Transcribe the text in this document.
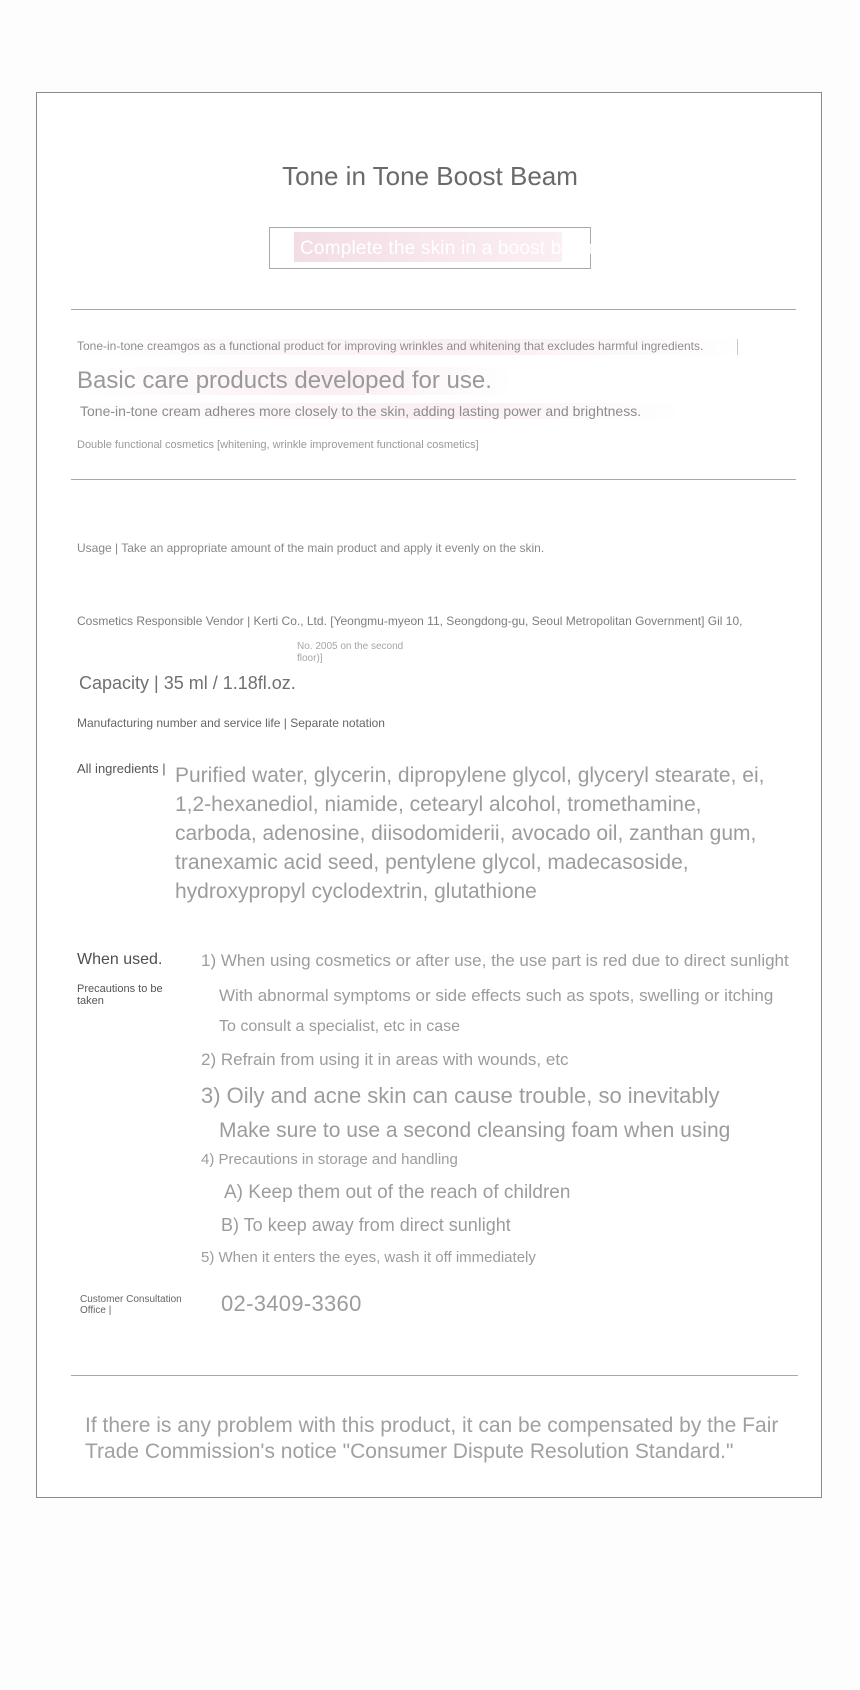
Tone in Tone Boost Beam
Complete the skin in a boost beam
Tone-in-tone creamgos as a functional product for improving wrinkles and whitening that excludes harmful ingredients.
Basic care products developed for use.
Tone-in-tone cream adheres more closely to the skin, adding lasting power and brightness.
Double functional cosmetics [whitening, wrinkle improvement functional cosmetics]
Usage | Take an appropriate amount of the main product and apply it evenly on the skin.
Cosmetics Responsible Vendor | Kerti Co., Ltd. [Yeongmu-myeon 11, Seongdong-gu, Seoul Metropolitan Government] Gil 10,
No. 2005 on the second floor)]
Capacity | 35 ml / 1.18fl.oz.
Manufacturing number and service life | Separate notation
All ingredients | Purified water, glycerin, dipropylene glycol, glyceryl stearate, ei, 1,2-hexanediol, niamide, cetearyl alcohol, tromethamine, carboda, adenosine, diisodomiderii, avocado oil, zanthan gum, tranexamic acid seed, pentylene glycol, madecasoside, hydroxypropyl cyclodextrin, glutathione
When used.
Precautions to be taken
1) When using cosmetics or after use, the use part is red due to direct sunlight
With abnormal symptoms or side effects such as spots, swelling or itching
To consult a specialist, etc in case
2) Refrain from using it in areas with wounds, etc
3) Oily and acne skin can cause trouble, so inevitably
Make sure to use a second cleansing foam when using
4) Precautions in storage and handling
A) Keep them out of the reach of children
B) To keep away from direct sunlight
5) When it enters the eyes, wash it off immediately
Customer Consultation Office |	02-3409-3360
If there is any problem with this product, it can be compensated by the Fair Trade Commission's notice "Consumer Dispute Resolution Standard."
